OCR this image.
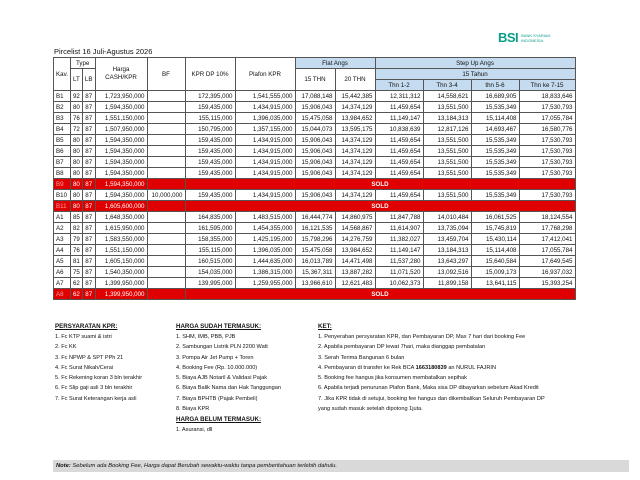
BSI BANK SYARIAH INDONESIA
Pircelist 16 Juli-Agustus 2026
Kav.	Type		Harga CASH/KPR	BF	KPR DP 10%	Plafon KPR	Flat Angs		Step Up Angs			
	LT	LB					15 THN	20 THN	15 Tahun			
									Thn 1-2	Thn 3-4	thn 5-6	Thn ke 7-15
B1	92	87	1,723,950,000		172,395,000	1,541,555,000	17,088,148	15,442,385	12,311,312	14,558,621	16,689,905	18,833,646
B2	80	87	1,594,350,000		159,435,000	1,434,915,000	15,906,043	14,374,129	11,459,654	13,551,500	15,535,349	17,530,793
B3	76	87	1,551,150,000		155,115,000	1,396,035,000	15,475,058	13,984,652	11,149,147	13,184,313	15,114,408	17,055,784
B4	72	87	1,507,950,000		150,795,000	1,357,155,000	15,044,073	13,595,175	10,838,639	12,817,126	14,693,467	16,580,776
B5	80	87	1,594,350,000		159,435,000	1,434,915,000	15,906,043	14,374,129	11,459,654	13,551,500	15,535,349	17,530,793
B6	80	87	1,594,350,000		159,435,000	1,434,915,000	15,906,043	14,374,129	11,459,654	13,551,500	15,535,349	17,530,793
B7	80	87	1,594,350,000		159,435,000	1,434,915,000	15,906,043	14,374,129	11,459,654	13,551,500	15,535,349	17,530,793
B8	80	87	1,594,350,000		159,435,000	1,434,915,000	15,906,043	14,374,129	11,459,654	13,551,500	15,535,349	17,530,793
B9	80	87	1,594,350,000		SOLD							
B10	80	87	1,594,350,000	10,000,000	159,435,000	1,434,915,000	15,906,043	14,374,129	11,459,654	13,551,500	15,535,349	17,530,793
B11	80	87	1,605,600,000		SOLD							
A1	85	87	1,648,350,000		164,835,000	1,483,515,000	16,444,774	14,860,975	11,847,788	14,010,484	16,061,525	18,124,554
A2	82	87	1,615,950,000		161,595,000	1,454,355,000	16,121,535	14,568,867	11,614,907	13,735,094	15,745,819	17,768,298
A3	79	87	1,583,550,000		158,355,000	1,425,195,000	15,798,296	14,276,759	11,382,027	13,459,704	15,430,114	17,412,041
A4	76	87	1,551,150,000		155,115,000	1,396,035,000	15,475,058	13,984,652	11,149,147	13,184,313	15,114,408	17,055,784
A5	81	87	1,605,150,000		160,515,000	1,444,635,000	16,013,789	14,471,498	11,537,280	13,643,297	15,640,584	17,649,545
A6	75	87	1,540,350,000		154,035,000	1,386,315,000	15,367,311	13,887,282	11,071,520	13,092,516	15,009,173	16,937,032
A7	62	87	1,399,950,000		139,995,000	1,259,955,000	13,966,610	12,621,483	10,062,373	11,899,158	13,641,115	15,393,254
A8	62	87	1,399,950,000		SOLD							
PERSYARATAN KPR:
1. Fc KTP suami & istri
2. Fc KK
3. Fc NPWP & SPT PPh 21
4. Fc Surat Nikah/Cerai
5. Fc Rekening koran 3 bln terakhir
6. Fc Slip gaji asli 3 bln terakhir
7. Fc Surat Keterangan kerja asli
HARGA SUDAH TERMASUK:
1. SHM, IMB, PBB, PJB
2. Sambungan Listrik PLN 2200 Watt
3. Pompa Air Jet Pump + Toren
4. Booking Fee (Rp. 10.000.000)
5. Biaya AJB Notaril & Validasi Pajak
6. Biaya Balik Nama dan Hak Tanggungan
7. Biaya BPHTB (Pajak Pembeli)
8. Biaya KPR
HARGA BELUM TERMASUK:
1. Asuransi, dll
KET:
1. Penyerahan persyaratan KPR, dan Pembayaran DP, Max 7 hari dari booking Fee
2. Apabila pembayaran DP lewat 7hari, maka dianggap pembatalan
3. Serah Terima Bangunan 6 bulan
4. Pembayaran di transfer ke Rek BCA 1663180839 an NURUL FAJRIN
5. Booking fee hangus jika konsumen membatalkan sepihak
6. Apabila terjadi penurunan Plafon Bank, Maka sisa DP dibayarkan sebelum Akad Kredit
7. Jika KPR tidak di setujui, booking fee hangus dan dikembalikan Seluruh Pembayaran DP
yang sudah masuk setelah dipotong 1juta.
Note: Sebelum ada Booking Fee, Harga dapat Berubah sewaktu-waktu tanpa pemberitahuan terlebih dahulu.
